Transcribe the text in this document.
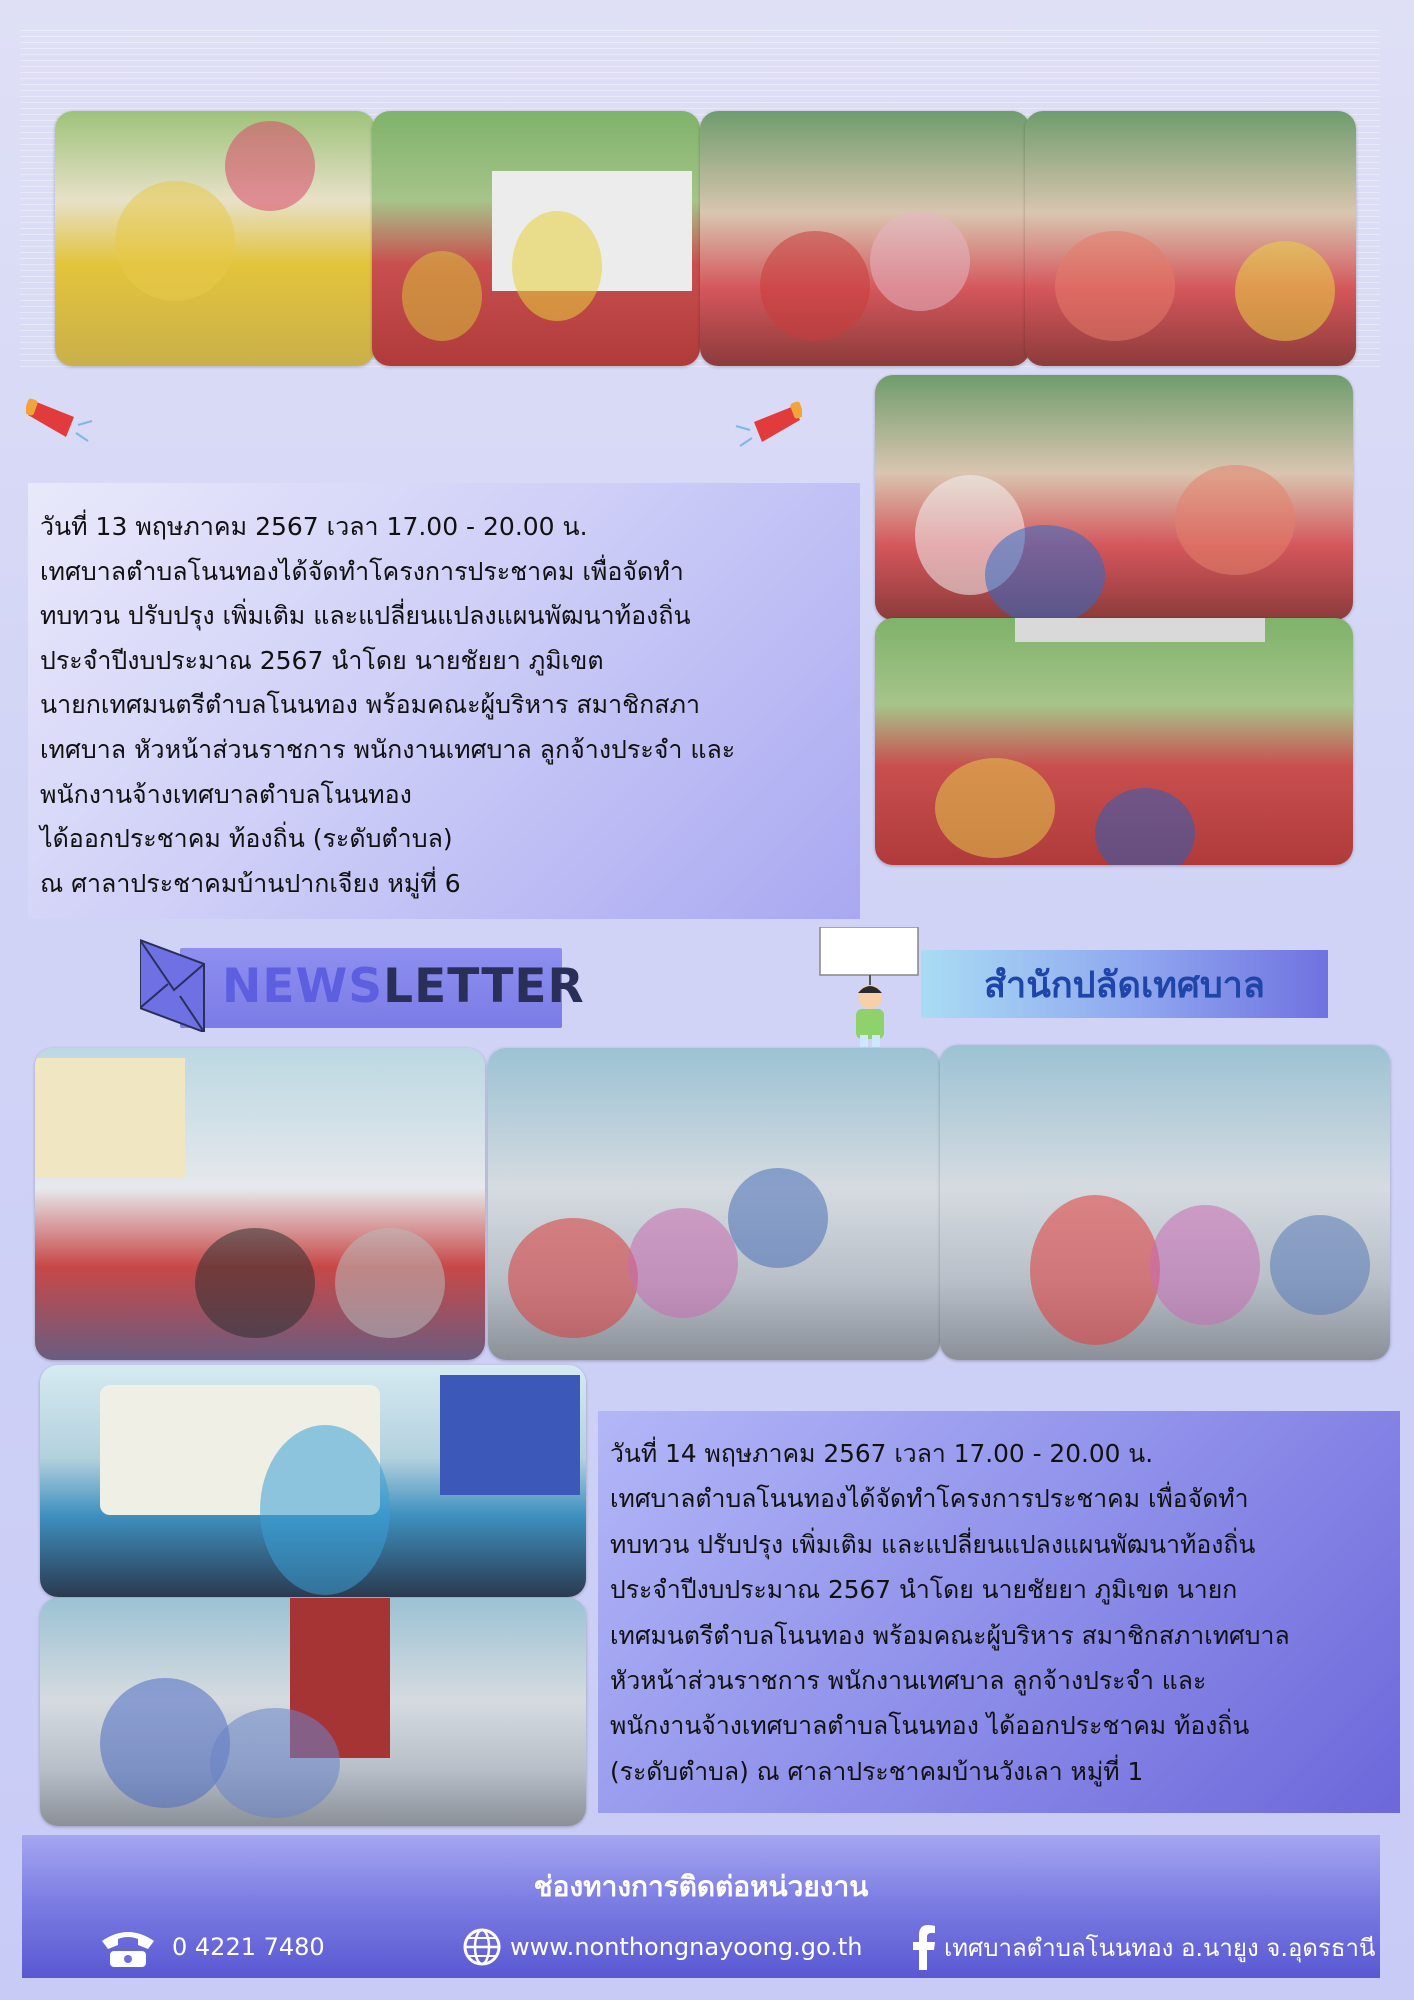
วันที่ 13 พฤษภาคม 2567 เวลา 17.00 - 20.00 น.

เทศบาลตำบลโนนทองได้จัดทำโครงการประชาคม เพื่อจัดทำ

ทบทวน ปรับปรุง เพิ่มเติม และแปลี่ยนแปลงแผนพัฒนาท้องถิ่น

ประจำปีงบประมาณ 2567 นำโดย นายชัยยา ภูมิเขต

นายกเทศมนตรีตำบลโนนทอง พร้อมคณะผู้บริหาร สมาชิกสภา

เทศบาล หัวหน้าส่วนราชการ พนักงานเทศบาล ลูกจ้างประจำ และ

พนักงานจ้างเทศบาลตำบลโนนทอง

ได้ออกประชาคม ท้องถิ่น (ระดับตำบล)

ณ ศาลาประชาคมบ้านปากเจียง หมู่ที่ 6

NEWSLETTER	สำนักปลัดเทศบาล

วันที่ 14 พฤษภาคม 2567 เวลา 17.00 - 20.00 น.

เทศบาลตำบลโนนทองได้จัดทำโครงการประชาคม เพื่อจัดทำ

ทบทวน ปรับปรุง เพิ่มเติม และแปลี่ยนแปลงแผนพัฒนาท้องถิ่น

ประจำปีงบประมาณ 2567 นำโดย นายชัยยา ภูมิเขต นายก

เทศมนตรีตำบลโนนทอง พร้อมคณะผู้บริหาร สมาชิกสภาเทศบาล

หัวหน้าส่วนราชการ พนักงานเทศบาล ลูกจ้างประจำ และ

พนักงานจ้างเทศบาลตำบลโนนทอง ได้ออกประชาคม ท้องถิ่น

(ระดับตำบล) ณ ศาลาประชาคมบ้านวังเลา หมู่ที่ 1

ช่องทางการติดต่อหน่วยงาน
0 4221 7480	www.nonthongnayoong.go.th	เทศบาลตำบลโนนทอง อ.นายูง จ.อุดรธานี
